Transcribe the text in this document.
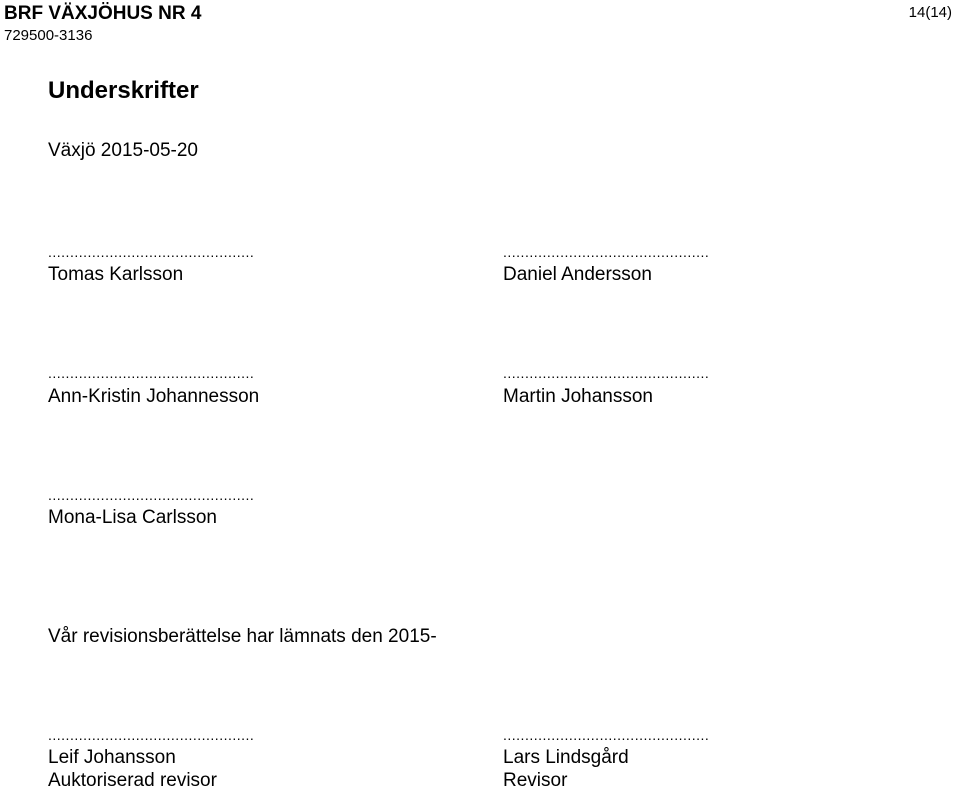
BRF VÄXJÖHUS NR 4
729500-3136
14(14)
Underskrifter
Växjö 2015-05-20
...............................................
Tomas Karlsson
...............................................
Daniel Andersson
...............................................
Ann-Kristin Johannesson
...............................................
Martin Johansson
...............................................
Mona-Lisa Carlsson
Vår revisionsberättelse har lämnats den 2015-
...............................................
Leif Johansson
Auktoriserad revisor
...............................................
Lars Lindsgård
Revisor
